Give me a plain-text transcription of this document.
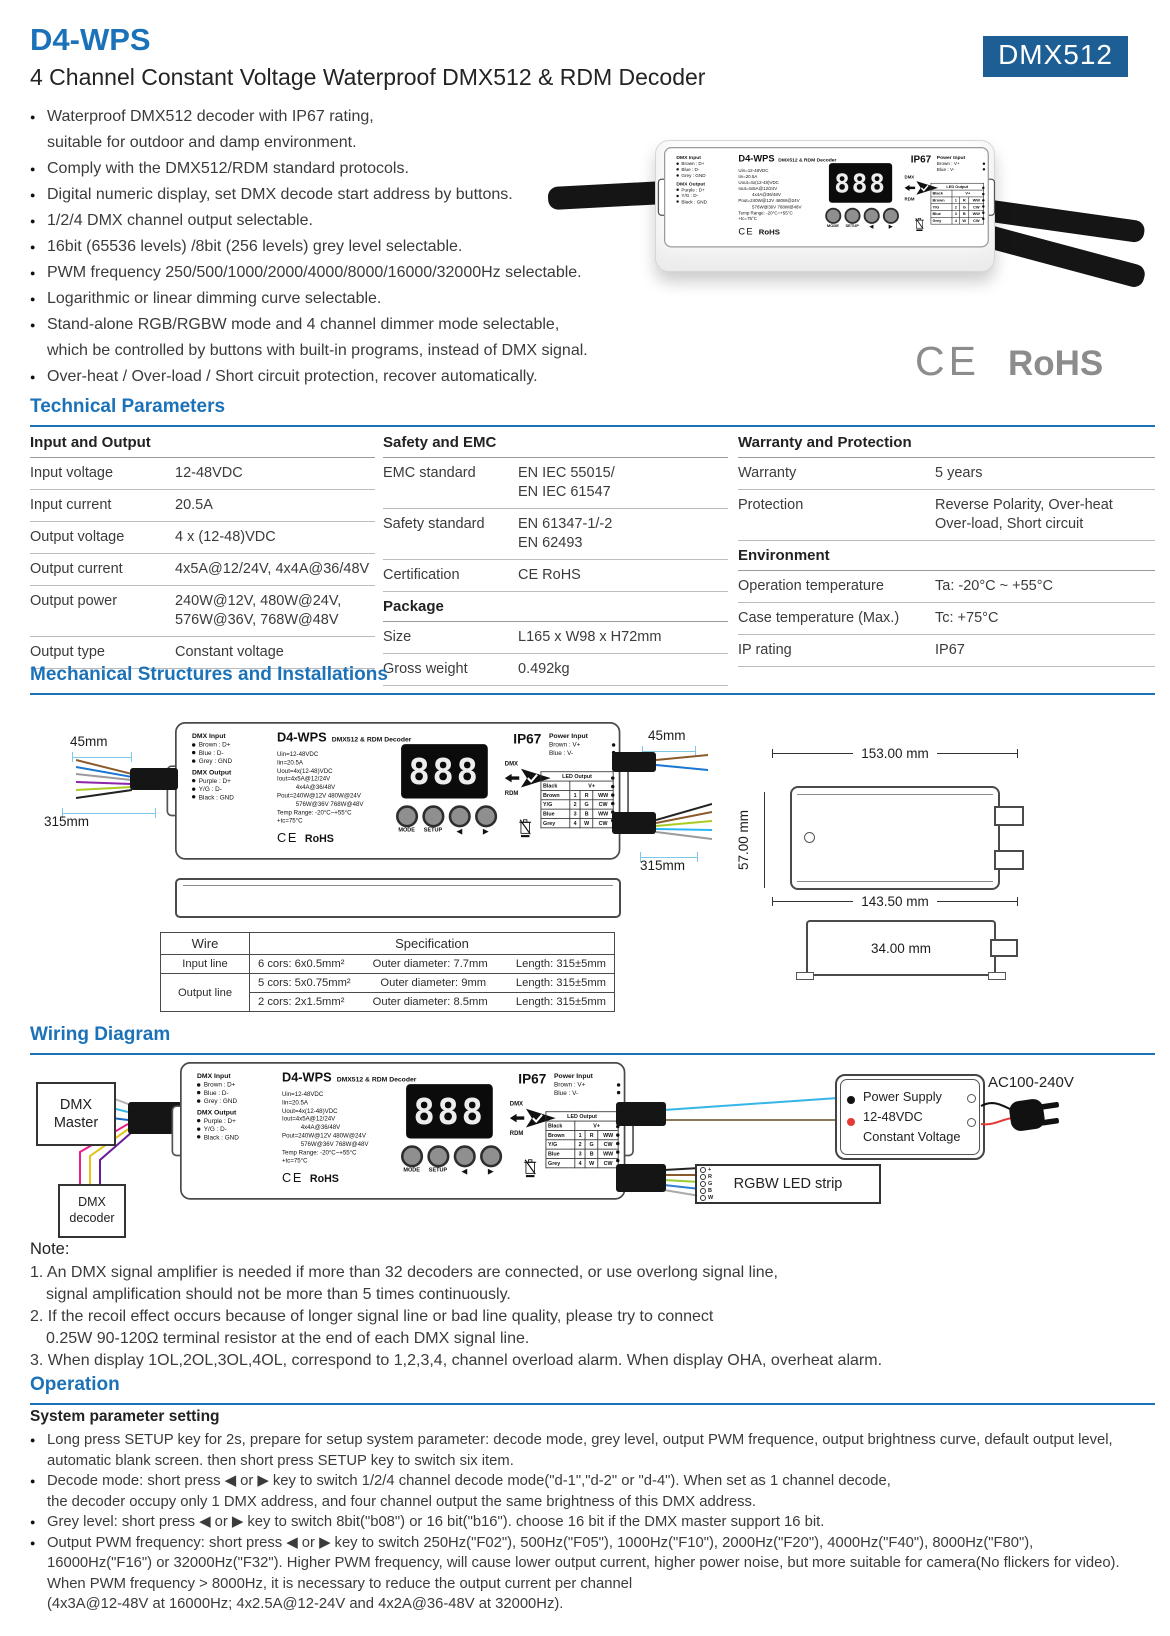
D4-WPS	DMX512
4 Channel Constant Voltage Waterproof DMX512 & RDM Decoder
● Waterproof DMX512 decoder with IP67 rating,
suitable for outdoor and damp environment.
● Comply with the DMX512/RDM standard protocols.
● Digital numeric display, set DMX decode start address by buttons.
● 1/2/4 DMX channel output selectable.
● 16bit (65536 levels) /8bit (256 levels) grey level selectable.
● PWM frequency 250/500/1000/2000/4000/8000/16000/32000Hz selectable.
● Logarithmic or linear dimming curve selectable.
● Stand-alone RGB/RGBW mode and 4 channel dimmer mode selectable,
which be controlled by buttons with built-in programs, instead of DMX signal.
● Over-heat / Over-load / Short circuit protection, recover automatically.
DMX Input
Brown : D+
Blue : D-
Grey : GND
DMX Output
Purple : D+
Y/G : D-
Black : GND
D4-WPS DMX512 & RDM Decoder
Uin=12-48VDC
Iin=20.5A
Uout=4x(12-48)VDC
Iout=4x5A@12/24V
4x4A@36/48V
Pout=240W@12V 480W@24V
576W@36V 768W@48V
Temp Range: -20°C~+55°C
+tc=75°C
CE RoHS
888
MODE SETUP	◀	▶
IP67
DMX
RDM
Power Input
Brown : V+
Blue : V-
LED Output			
Black	V+		
Brown	1	R	WW
Y/G	2	G	CW
Blue	3	B	WW
Grey	4	W	CW
CE RoHS
Technical Parameters
Input and Output
Input voltage	12-48VDC
Input current	20.5A
Output voltage	4 x (12-48)VDC
Output current	4x5A@12/24V, 4x4A@36/48V
Output power	240W@12V, 480W@24V,
576W@36V, 768W@48V
Output type	Constant voltage
Safety and EMC
EMC standard	EN IEC 55015/
EN IEC 61547
Safety standard	EN 61347-1/-2
EN 62493
Certification	CE RoHS
Package
Size	L165 x W98 x H72mm
Gross weight	0.492kg
Warranty and Protection
Warranty	5 years
Protection	Reverse Polarity, Over-heat
Over-load, Short circuit
Environment
Operation temperature	Ta: -20°C ~ +55°C
Case temperature (Max.)	Tc: +75°C
IP rating	IP67
Mechanical Structures and Installations
DMX Input
Brown : D+
Blue : D-
Grey : GND
DMX Output
Purple : D+
Y/G : D-
Black : GND
D4-WPS DMX512 & RDM Decoder
Uin=12-48VDC
Iin=20.5A
Uout=4x(12-48)VDC
Iout=4x5A@12/24V
4x4A@36/48V
Pout=240W@12V 480W@24V
576W@36V 768W@48V
Temp Range: -20°C~+55°C
+tc=75°C
CE RoHS
888
MODE	SETUP	◀	▶
IP67
DMX
RDM
Power Input
Brown : V+
Blue : V-
LED Output			
Black	V+		
Brown	1	R	WW
Y/G	2	G	CW
Blue	3	B	WW
Grey	4	W	CW
45mm
315mm
45mm
315mm
153.00 mm
57.00 mm
143.50 mm
34.00 mm
Wire	Specification
Input line	6 cors: 6x0.5mm² Outer diameter: 7.7mm Length: 315±5mm

Output line	5 cors: 5x0.75mm² Outer diameter: 9mm Length: 315±5mm

	2 cors: 2x1.5mm² Outer diameter: 8.5mm Length: 315±5mm
Wiring Diagram
DMX
Master
DMX
decoder
DMX Input
Brown : D+
Blue : D-
Grey : GND
DMX Output
Purple : D+
Y/G : D-
Black : GND
D4-WPS DMX512 & RDM Decoder
Uin=12-48VDC
Iin=20.5A
Uout=4x(12-48)VDC
Iout=4x5A@12/24V
4x4A@36/48V
Pout=240W@12V 480W@24V
576W@36V 768W@48V
Temp Range: -20°C~+55°C
+tc=75°C
CE RoHS
888
MODE	SETUP	◀	▶
IP67
DMX
RDM
Power Input
Brown : V+
Blue : V-
LED Output			
Black	V+		
Brown	1	R	WW
Y/G	2	G	CW
Blue	3	B	WW
Grey	4	W	CW
Power Supply
12-48VDC
Constant Voltage
AC100-240V
+
R
G
B
W
RGBW LED strip
Note:
1. An DMX signal amplifier is needed if more than 32 decoders are connected, or use overlong signal line,
signal amplification should not be more than 5 times continuously.
2. If the recoil effect occurs because of longer signal line or bad line quality, please try to connect
0.25W 90-120Ω terminal resistor at the end of each DMX signal line.
3. When display 1OL,2OL,3OL,4OL, correspond to 1,2,3,4, channel overload alarm. When display OHA, overheat alarm.
Operation
System parameter setting
● Long press SETUP key for 2s, prepare for setup system parameter: decode mode, grey level, output PWM frequence, output brightness curve, default output level,
automatic blank screen. then short press SETUP key to switch six item.
● Decode mode: short press ◀ or ▶ key to switch 1/2/4 channel decode mode("d-1","d-2" or "d-4"). When set as 1 channel decode,
the decoder occupy only 1 DMX address, and four channel output the same brightness of this DMX address.
● Grey level: short press ◀ or ▶ key to switch 8bit("b08") or 16 bit("b16"). choose 16 bit if the DMX master support 16 bit.
● Output PWM frequency: short press ◀ or ▶ key to switch 250Hz("F02"), 500Hz("F05"), 1000Hz("F10"), 2000Hz("F20"), 4000Hz("F40"), 8000Hz("F80"),
16000Hz("F16") or 32000Hz("F32"). Higher PWM frequency, will cause lower output current, higher power noise, but more suitable for camera(No flickers for video).
When PWM frequency > 8000Hz, it is necessary to reduce the output current per channel
(4x3A@12-48V at 16000Hz; 4x2.5A@12-24V and 4x2A@36-48V at 32000Hz).
